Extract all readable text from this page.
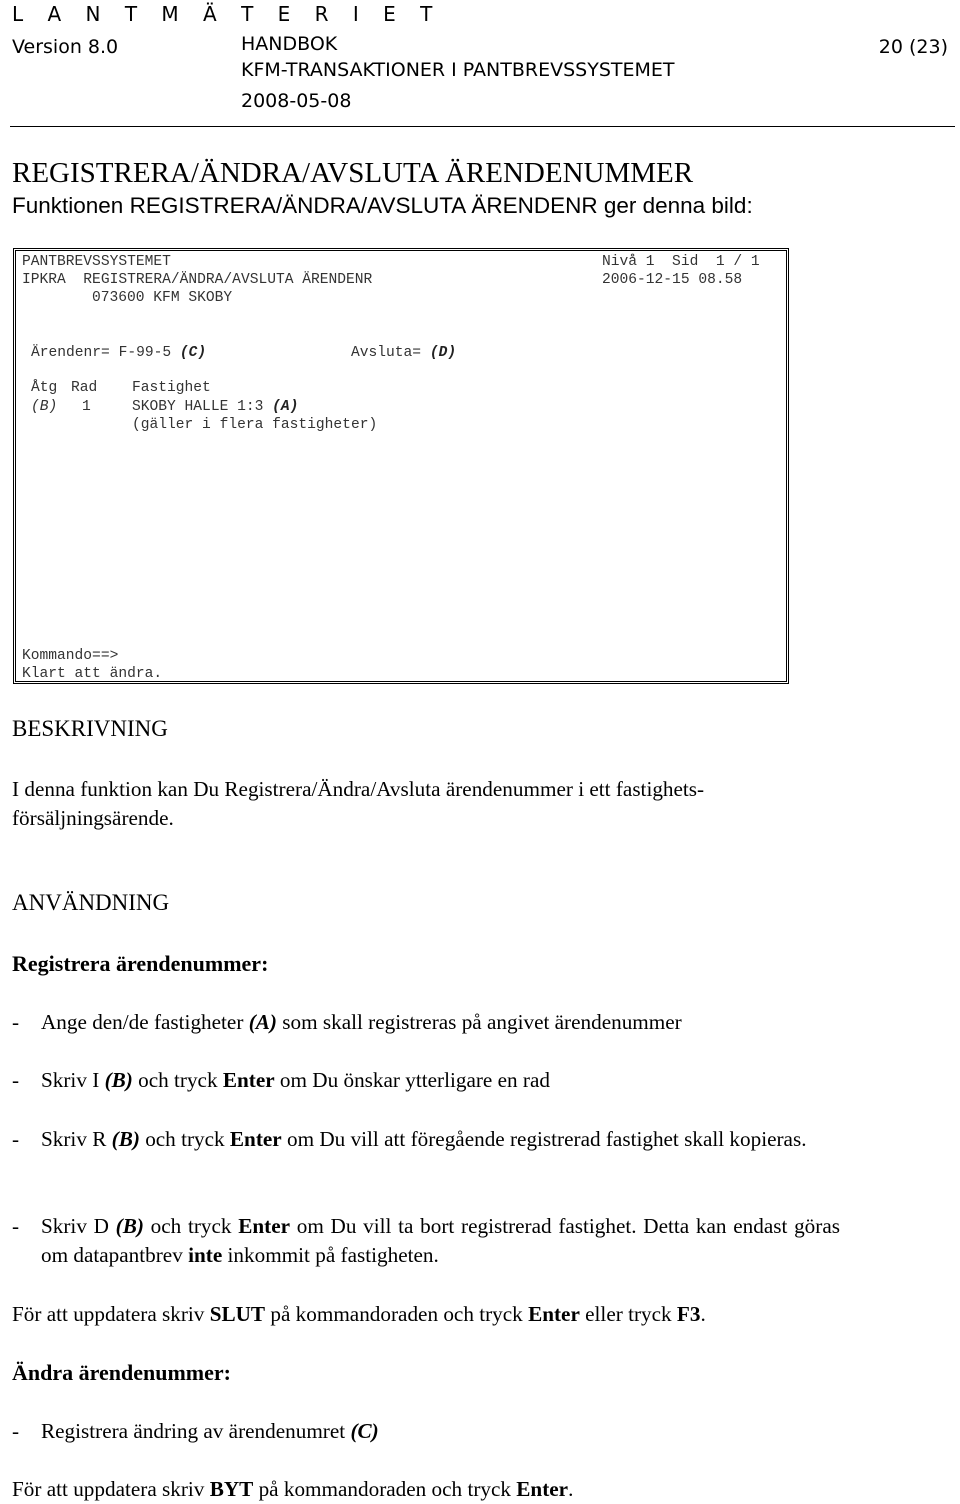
L A N T M Ä T E R I E T
Version 8.0	HANDBOK
KFM-TRANSAKTIONER I PANTBREVSSYSTEMET
2008-05-08
20 (23)
REGISTRERA/ÄNDRA/AVSLUTA ÄRENDENUMMER
Funktionen REGISTRERA/ÄNDRA/AVSLUTA ÄRENDENR ger denna bild:
PANTBREVSSYSTEMET	Nivå 1  Sid  1 / 1
IPKRA  REGISTRERA/ÄNDRA/AVSLUTA ÄRENDENR	2006-12-15 08.58
073600 KFM SKOBY
Ärendenr= F-99-5 (C)	Avsluta= (D)
Åtg Rad Fastighet
(B) 1	SKOBY HALLE 1:3 (A)
(gäller i flera fastigheter)
Kommando==>
Klart att ändra.
BESKRIVNING
I denna funktion kan Du Registrera/Ändra/Avsluta ärendenummer i ett fastighets-
försäljningsärende.
ANVÄNDNING
Registrera ärendenummer:
- Ange den/de fastigheter (A) som skall registreras på angivet ärendenummer
- Skriv I (B) och tryck Enter om Du önskar ytterligare en rad
- Skriv R (B) och tryck Enter om Du vill att föregående registrerad fastighet skall kopieras.
- Skriv D (B) och tryck Enter om Du vill ta bort registrerad fastighet. Detta kan endast göras om datapantbrev inte inkommit på fastigheten.
För att uppdatera skriv SLUT på kommandoraden och tryck Enter eller tryck F3.
Ändra ärendenummer:
- Registrera ändring av ärendenumret (C)
För att uppdatera skriv BYT på kommandoraden och tryck Enter.
